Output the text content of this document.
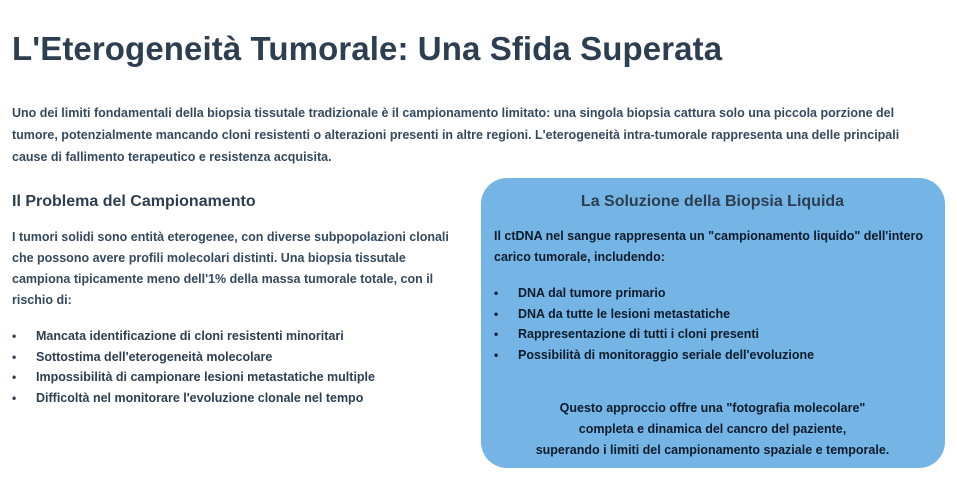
L'Eterogeneità Tumorale: Una Sfida Superata

Uno dei limiti fondamentali della biopsia tissutale tradizionale è il campionamento limitato: una singola biopsia cattura solo una piccola porzione del tumore, potenzialmente mancando cloni resistenti o alterazioni presenti in altre regioni. L'eterogeneità intra-tumorale rappresenta una delle principali cause di fallimento terapeutico e resistenza acquisita.

Il Problema del Campionamento

I tumori solidi sono entità eterogenee, con diverse subpopolazioni clonali che possono avere profili molecolari distinti. Una biopsia tissutale campiona tipicamente meno dell'1% della massa tumorale totale, con il rischio di:

• Mancata identificazione di cloni resistenti minoritari
• Sottostima dell'eterogeneità molecolare
• Impossibilità di campionare lesioni metastatiche multiple
• Difficoltà nel monitorare l'evoluzione clonale nel tempo
La Soluzione della Biopsia Liquida

Il ctDNA nel sangue rappresenta un "campionamento liquido" dell'intero carico tumorale, includendo:

• DNA dal tumore primario
• DNA da tutte le lesioni metastatiche
• Rappresentazione di tutti i cloni presenti
• Possibilità di monitoraggio seriale dell'evoluzione

Questo approccio offre una "fotografia molecolare"
completa e dinamica del cancro del paziente,
superando i limiti del campionamento spaziale e temporale.
